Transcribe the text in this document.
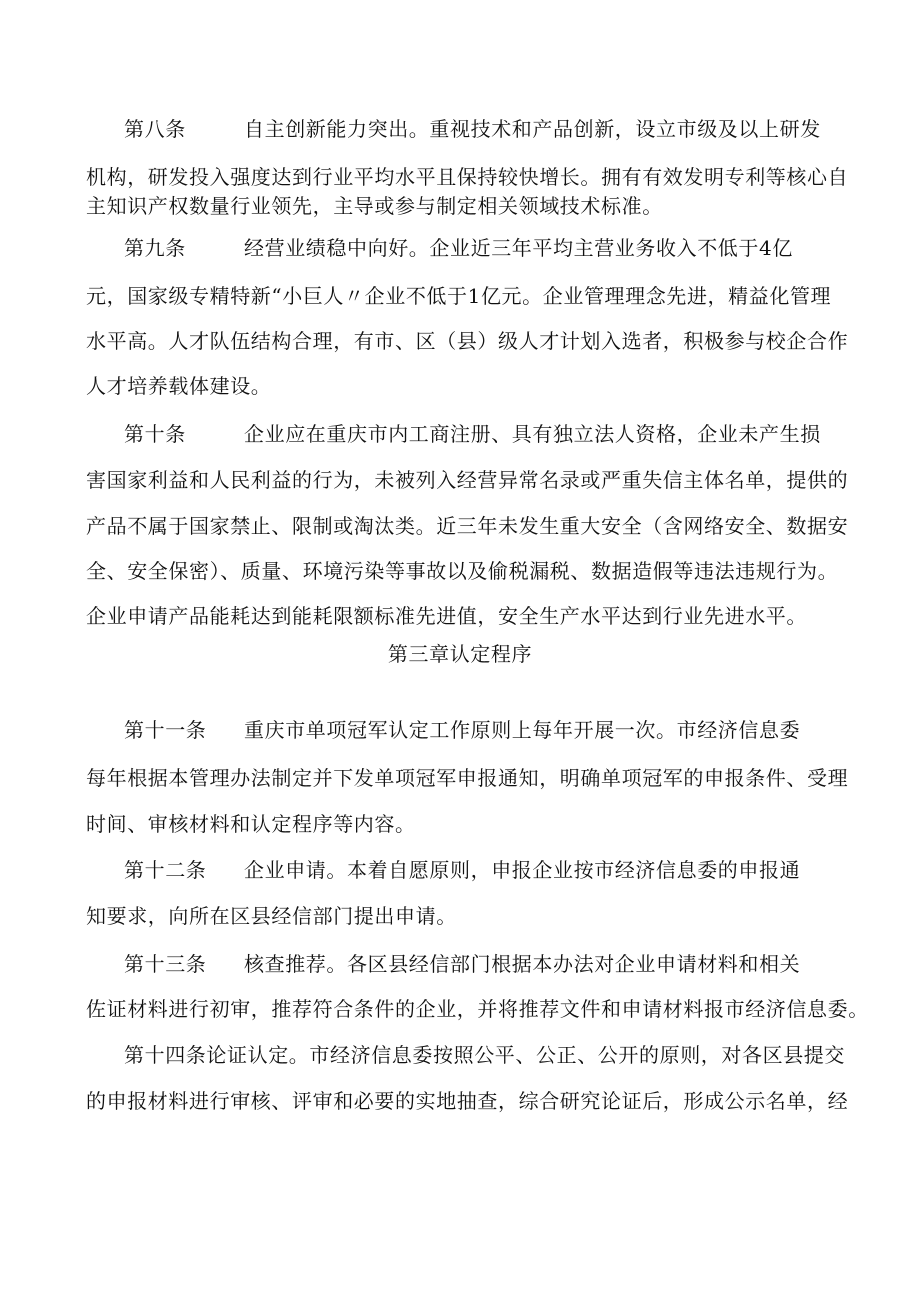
第八条	自主创新能力突出。重视技术和产品创新，设立市级及以上研发
机构，研发投入强度达到行业平均水平且保持较快增长。拥有有效发明专利等核心自
主知识产权数量行业领先，主导或参与制定相关领域技术标准。
第九条	经营业绩稳中向好。企业近三年平均主营业务收入不低于4亿
元，国家级专精特新“小巨人〃企业不低于1亿元。企业管理理念先进，精益化管理
水平高。人才队伍结构合理，有市、区（县）级人才计划入选者，积极参与校企合作
人才培养载体建设。
第十条	企业应在重庆市内工商注册、具有独立法人资格，企业未产生损
害国家利益和人民利益的行为，未被列入经营异常名录或严重失信主体名单，提供的
产品不属于国家禁止、限制或淘汰类。近三年未发生重大安全（含网络安全、数据安
全、安全保密）、质量、环境污染等事故以及偷税漏税、数据造假等违法违规行为。
企业申请产品能耗达到能耗限额标准先进值，安全生产水平达到行业先进水平。
第三章认定程序
第十一条 重庆市单项冠军认定工作原则上每年开展一次。市经济信息委
每年根据本管理办法制定并下发单项冠军申报通知，明确单项冠军的申报条件、受理
时间、审核材料和认定程序等内容。
第十二条 企业申请。本着自愿原则，申报企业按市经济信息委的申报通
知要求，向所在区县经信部门提出申请。
第十三条 核查推荐。各区县经信部门根据本办法对企业申请材料和相关
佐证材料进行初审，推荐符合条件的企业，并将推荐文件和申请材料报市经济信息委。
第十四条论证认定。市经济信息委按照公平、公正、公开的原则，对各区县提交
的申报材料进行审核、评审和必要的实地抽查，综合研究论证后，形成公示名单，经
